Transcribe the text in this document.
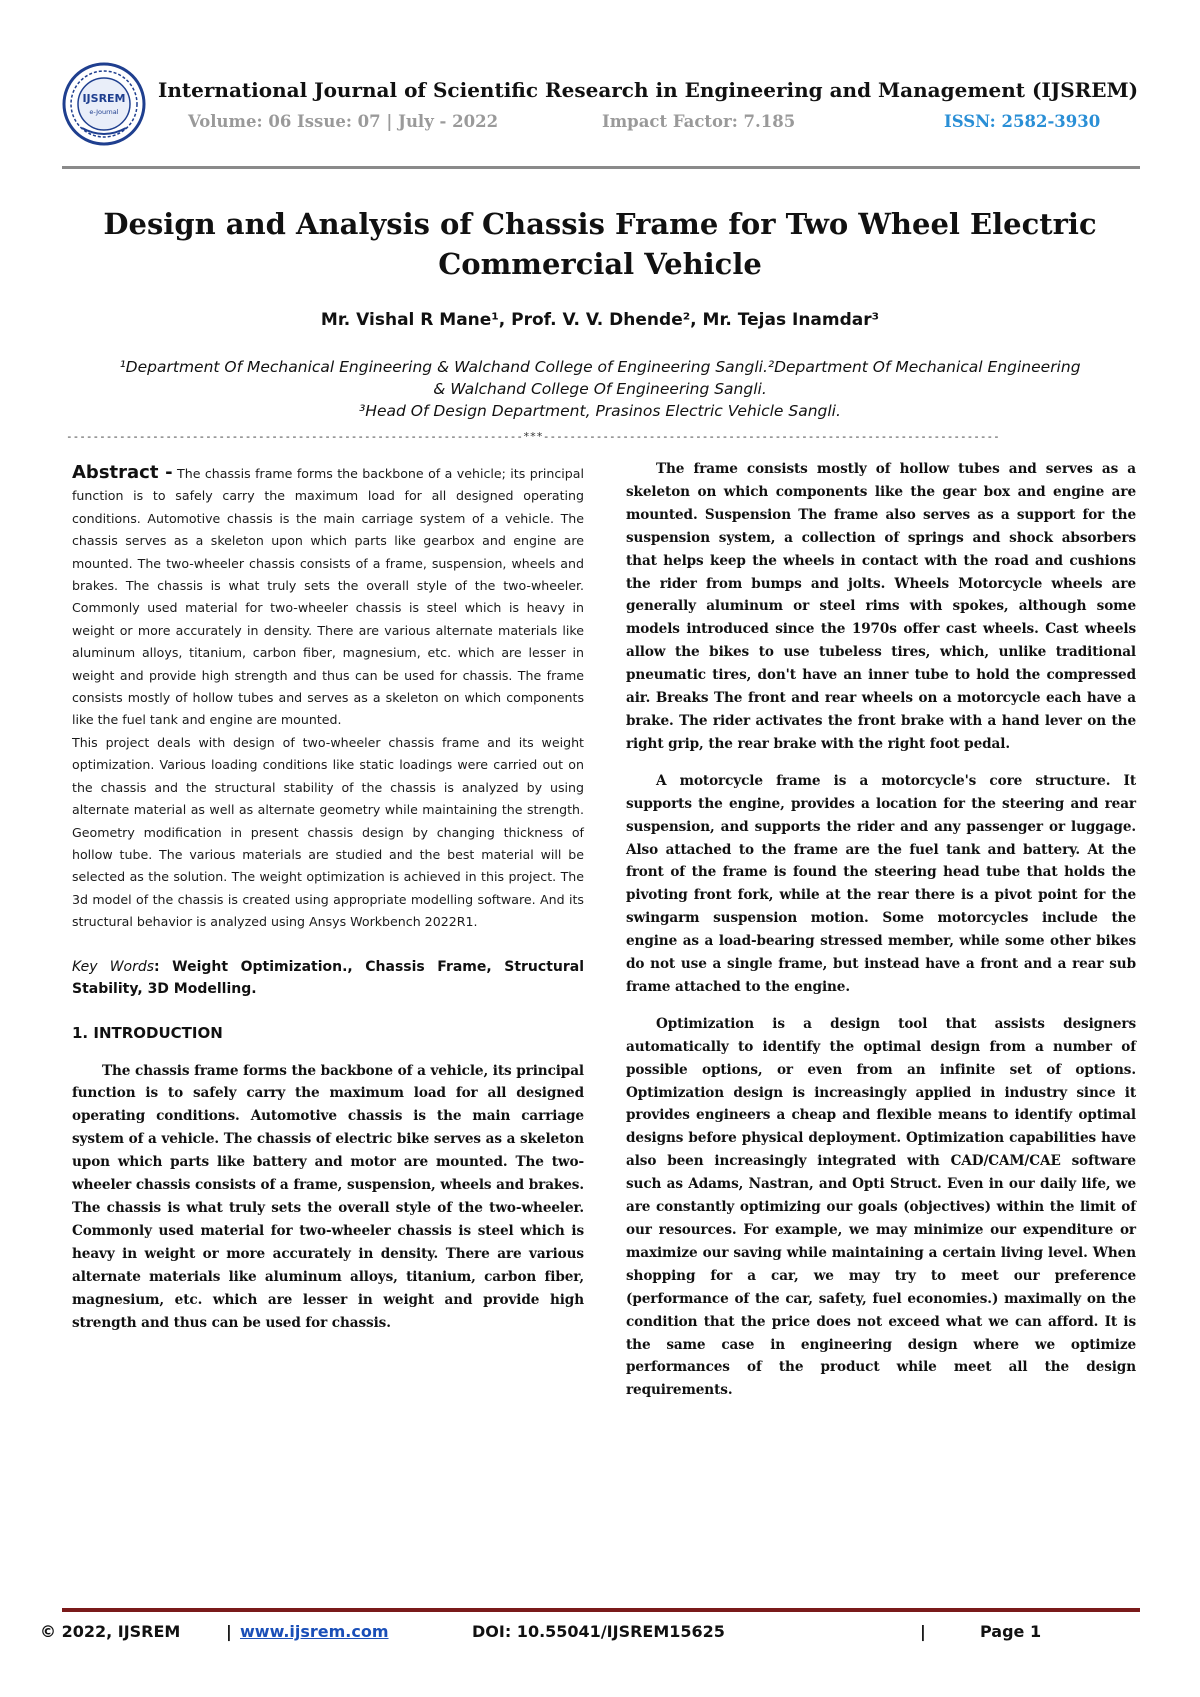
IJSREM
e-Journal
International Journal of Scientific Research in Engineering and Management (IJSREM)
Volume: 06 Issue: 07 | July - 2022	Impact Factor: 7.185	ISSN: 2582-3930
Design and Analysis of Chassis Frame for Two Wheel Electric Commercial Vehicle
Mr. Vishal R Mane¹, Prof. V. V. Dhende², Mr. Tejas Inamdar³
¹Department Of Mechanical Engineering & Walchand College of Engineering Sangli.²Department Of Mechanical Engineering
& Walchand College Of Engineering Sangli.
³Head Of Design Department, Prasinos Electric Vehicle Sangli.
---------------------------------------------------------------------***---------------------------------------------------------------------

Abstract - The chassis frame forms the backbone of a vehicle; its principal function is to safely carry the maximum load for all designed operating conditions. Automotive chassis is the main carriage system of a vehicle. The chassis serves as a skeleton upon which parts like gearbox and engine are mounted. The two-wheeler chassis consists of a frame, suspension, wheels and brakes. The chassis is what truly sets the overall style of the two-wheeler. Commonly used material for two-wheeler chassis is steel which is heavy in weight or more accurately in density. There are various alternate materials like aluminum alloys, titanium, carbon fiber, magnesium, etc. which are lesser in weight and provide high strength and thus can be used for chassis. The frame consists mostly of hollow tubes and serves as a skeleton on which components like the fuel tank and engine are mounted.

This project deals with design of two-wheeler chassis frame and its weight optimization. Various loading conditions like static loadings were carried out on the chassis and the structural stability of the chassis is analyzed by using alternate material as well as alternate geometry while maintaining the strength. Geometry modification in present chassis design by changing thickness of hollow tube. The various materials are studied and the best material will be selected as the solution. The weight optimization is achieved in this project. The 3d model of the chassis is created using appropriate modelling software. And its structural behavior is analyzed using Ansys Workbench 2022R1.

Key Words: Weight Optimization., Chassis Frame, Structural Stability, 3D Modelling.
1. INTRODUCTION

The chassis frame forms the backbone of a vehicle, its principal function is to safely carry the maximum load for all designed operating conditions. Automotive chassis is the main carriage system of a vehicle. The chassis of electric bike serves as a skeleton upon which parts like battery and motor are mounted. The two-wheeler chassis consists of a frame, suspension, wheels and brakes. The chassis is what truly sets the overall style of the two-wheeler. Commonly used material for two-wheeler chassis is steel which is heavy in weight or more accurately in density. There are various alternate materials like aluminum alloys, titanium, carbon fiber, magnesium, etc. which are lesser in weight and provide high strength and thus can be used for chassis.

The frame consists mostly of hollow tubes and serves as a skeleton on which components like the gear box and engine are mounted. Suspension The frame also serves as a support for the suspension system, a collection of springs and shock absorbers that helps keep the wheels in contact with the road and cushions the rider from bumps and jolts. Wheels Motorcycle wheels are generally aluminum or steel rims with spokes, although some models introduced since the 1970s offer cast wheels. Cast wheels allow the bikes to use tubeless tires, which, unlike traditional pneumatic tires, don't have an inner tube to hold the compressed air. Breaks The front and rear wheels on a motorcycle each have a brake. The rider activates the front brake with a hand lever on the right grip, the rear brake with the right foot pedal.

A motorcycle frame is a motorcycle's core structure. It supports the engine, provides a location for the steering and rear suspension, and supports the rider and any passenger or luggage. Also attached to the frame are the fuel tank and battery. At the front of the frame is found the steering head tube that holds the pivoting front fork, while at the rear there is a pivot point for the swingarm suspension motion. Some motorcycles include the engine as a load-bearing stressed member, while some other bikes do not use a single frame, but instead have a front and a rear sub frame attached to the engine.

Optimization is a design tool that assists designers automatically to identify the optimal design from a number of possible options, or even from an infinite set of options. Optimization design is increasingly applied in industry since it provides engineers a cheap and flexible means to identify optimal designs before physical deployment. Optimization capabilities have also been increasingly integrated with CAD/CAM/CAE software such as Adams, Nastran, and Opti Struct. Even in our daily life, we are constantly optimizing our goals (objectives) within the limit of our resources. For example, we may minimize our expenditure or maximize our saving while maintaining a certain living level. When shopping for a car, we may try to meet our preference (performance of the car, safety, fuel economies.) maximally on the condition that the price does not exceed what we can afford. It is the same case in engineering design where we optimize performances of the product while meet all the design requirements.

© 2022, IJSREM	| www.ijsrem.com	DOI: 10.55041/IJSREM15625	|	Page 1
